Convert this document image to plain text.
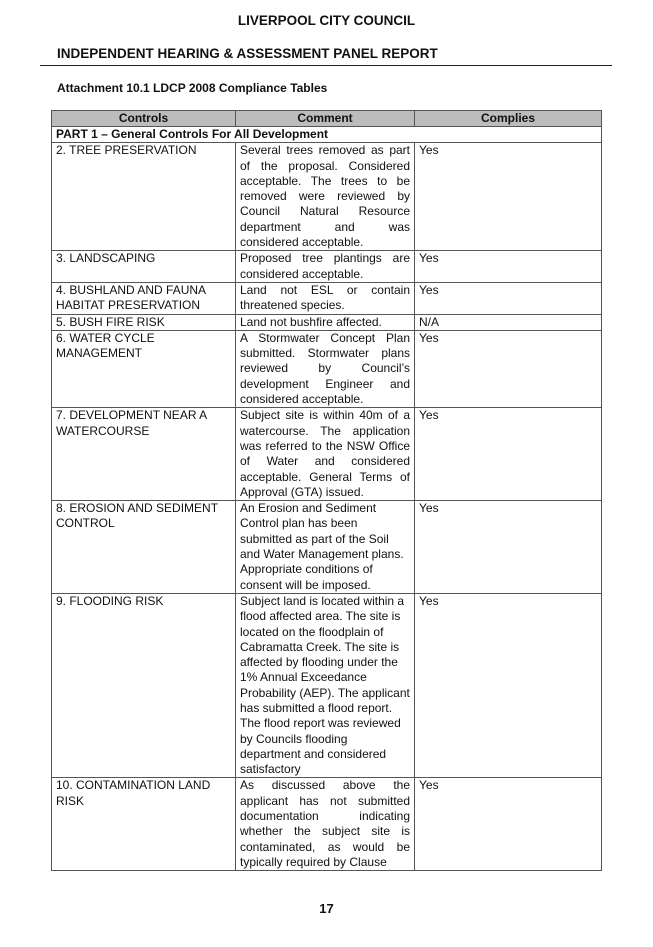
LIVERPOOL CITY COUNCIL
INDEPENDENT HEARING & ASSESSMENT PANEL REPORT
Attachment 10.1 LDCP 2008 Compliance Tables
Controls	Comment	Complies
PART 1 – General Controls For All Development		
2. TREE PRESERVATION	Several trees removed as part of the proposal. Considered acceptable. The trees to be removed were reviewed by Council Natural Resource department and was considered acceptable.	Yes
3. LANDSCAPING	Proposed tree plantings are considered acceptable.	Yes
4. BUSHLAND AND FAUNA HABITAT PRESERVATION	Land not ESL or contain threatened species.	Yes
5. BUSH FIRE RISK	Land not bushfire affected.	N/A
6. WATER CYCLE MANAGEMENT	A Stormwater Concept Plan submitted. Stormwater plans reviewed by Council’s development Engineer and considered acceptable.	Yes
7. DEVELOPMENT NEAR A WATERCOURSE	Subject site is within 40m of a watercourse. The application was referred to the NSW Office of Water and considered acceptable. General Terms of Approval (GTA) issued.	Yes
8. EROSION AND SEDIMENT CONTROL	An Erosion and Sediment Control plan has been submitted as part of the Soil and Water Management plans. Appropriate conditions of consent will be imposed.	Yes
9. FLOODING RISK	Subject land is located within a flood affected area. The site is located on the floodplain of Cabramatta Creek. The site is affected by flooding under the 1% Annual Exceedance Probability (AEP). The applicant has submitted a flood report. The flood report was reviewed by Councils flooding department and considered satisfactory	Yes
10. CONTAMINATION LAND RISK	As discussed above the applicant has not submitted documentation indicating whether the subject site is contaminated, as would be typically required by Clause	Yes
17
